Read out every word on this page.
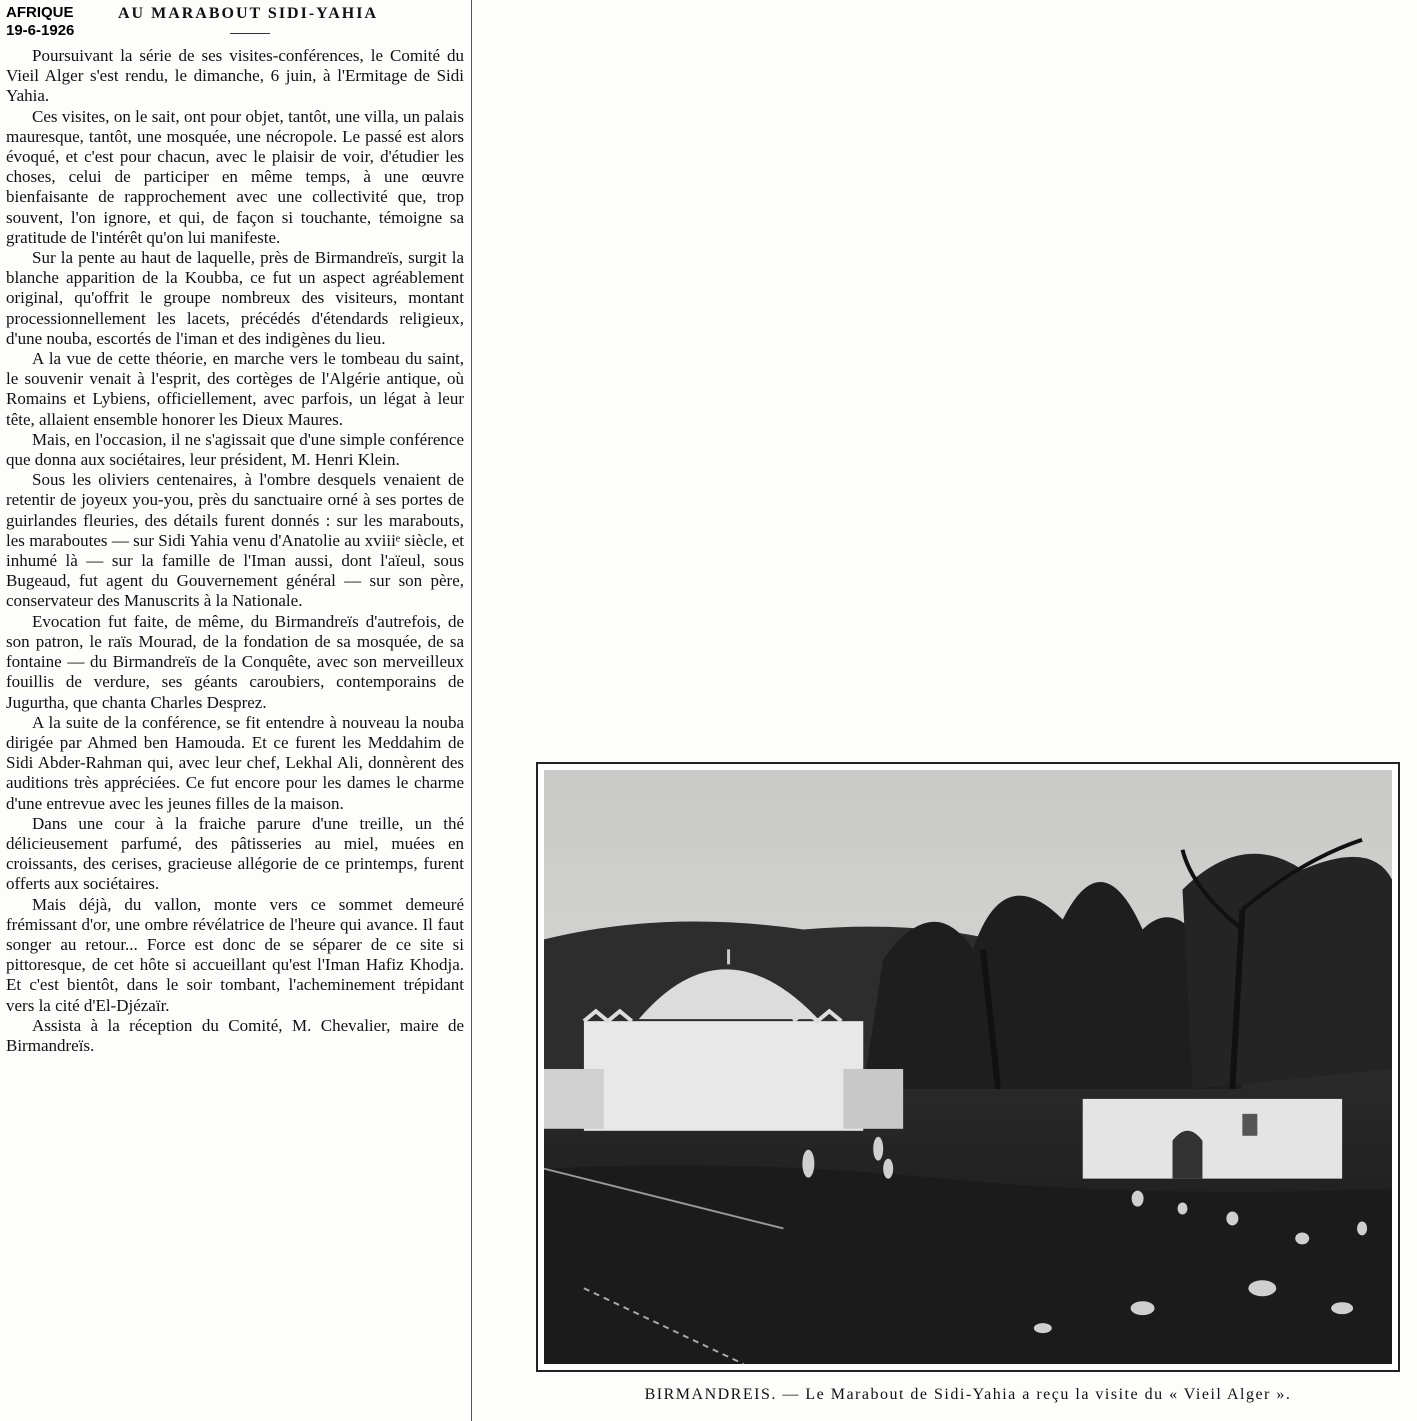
AFRIQUE
19-6-1926
AU MARABOUT SIDI-YAHIA

Poursuivant la série de ses visites-conférences, le Comité du Vieil Alger s'est rendu, le dimanche, 6 juin, à l'Ermitage de Sidi Yahia.

Ces visites, on le sait, ont pour objet, tantôt, une villa, un palais mauresque, tantôt, une mosquée, une nécropole. Le passé est alors évoqué, et c'est pour chacun, avec le plaisir de voir, d'étudier les choses, celui de participer en même temps, à une œuvre bienfaisante de rapprochement avec une collectivité que, trop souvent, l'on ignore, et qui, de façon si touchante, témoigne sa gratitude de l'intérêt qu'on lui manifeste.

Sur la pente au haut de laquelle, près de Birmandreïs, surgit la blanche apparition de la Koubba, ce fut un aspect agréablement original, qu'offrit le groupe nombreux des visiteurs, montant processionnellement les lacets, précédés d'étendards religieux, d'une nouba, escortés de l'iman et des indigènes du lieu.

A la vue de cette théorie, en marche vers le tombeau du saint, le souvenir venait à l'esprit, des cortèges de l'Algérie antique, où Romains et Lybiens, officiellement, avec parfois, un légat à leur tête, allaient ensemble honorer les Dieux Maures.

Mais, en l'occasion, il ne s'agissait que d'une simple conférence que donna aux sociétaires, leur président, M. Henri Klein.

Sous les oliviers centenaires, à l'ombre desquels venaient de retentir de joyeux you-you, près du sanctuaire orné à ses portes de guirlandes fleuries, des détails furent donnés : sur les marabouts, les maraboutes — sur Sidi Yahia venu d'Anatolie au xviiiᵉ siècle, et inhumé là — sur la famille de l'Iman aussi, dont l'aïeul, sous Bugeaud, fut agent du Gouvernement général — sur son père, conservateur des Manuscrits à la Nationale.

Evocation fut faite, de même, du Birmandreïs d'autrefois, de son patron, le raïs Mourad, de la fondation de sa mosquée, de sa fontaine — du Birmandreïs de la Conquête, avec son merveilleux fouillis de verdure, ses géants caroubiers, contemporains de Jugurtha, que chanta Charles Desprez.

A la suite de la conférence, se fit entendre à nouveau la nouba dirigée par Ahmed ben Hamouda. Et ce furent les Meddahim de Sidi Abder-Rahman qui, avec leur chef, Lekhal Ali, donnèrent des auditions très appréciées. Ce fut encore pour les dames le charme d'une entrevue avec les jeunes filles de la maison.

Dans une cour à la fraiche parure d'une treille, un thé délicieusement parfumé, des pâtisseries au miel, muées en croissants, des cerises, gracieuse allégorie de ce printemps, furent offerts aux sociétaires.

Mais déjà, du vallon, monte vers ce sommet demeuré frémissant d'or, une ombre révélatrice de l'heure qui avance. Il faut songer au retour... Force est donc de se séparer de ce site si pittoresque, de cet hôte si accueillant qu'est l'Iman Hafiz Khodja. Et c'est bientôt, dans le soir tombant, l'acheminement trépidant vers la cité d'El-Djézaïr.

Assista à la réception du Comité, M. Chevalier, maire de Birmandreïs.

BIRMANDREIS. — Le Marabout de Sidi-Yahia a reçu la visite du « Vieil Alger ».
